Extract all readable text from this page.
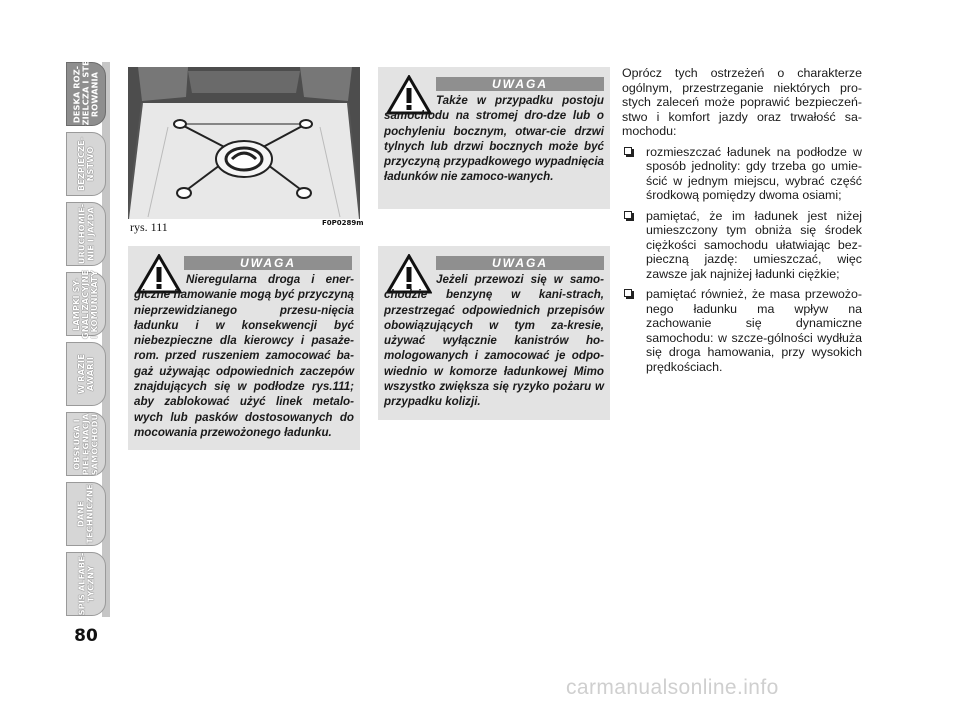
DESKA ROZ-
DZIELCZA I STE-
ROWANIA
BEZPIECZE-
ŃSTWO
URUCHOMIE-
NIE I JAZDA
LAMPKI SY-
GNALIZACYJNE
I KOMUNIKATY
W RAZIE
AWARII
OBSŁUGA I
PIELĘGNACJA
SAMOCHODU
DANE
TECHNICZNE
SPIS ALFABE-
TYCZNY
80
rys. 111	F0P0289m
UWAGA
Nieregularna droga i ener-giczne hamowanie mogą być przyczyną nieprzewidzianego przesu-nięcia ładunku i w konsekwencji być niebezpieczne dla kierowcy i pasaże-rom. przed ruszeniem zamocować ba-gaż używając odpowiednich zaczepów znajdujących się w podłodze rys.111; aby zablokować użyć linek metalo-wych lub pasków dostosowanych do mocowania przewożonego ładunku.
UWAGA
Także w przypadku postoju samochodu na stromej dro-dze lub o pochyleniu bocznym, otwar-cie drzwi tylnych lub drzwi bocznych może być przyczyną przypadkowego wypadnięcia ładunków nie zamoco-wanych.
UWAGA
Jeżeli przewozi się w samo-chodzie benzynę w kani-strach, przestrzegać odpowiednich przepisów obowiązujących w tym za-kresie, używać wyłącznie kanistrów ho-mologowanych i zamocować je odpo-wiednio w komorze ładunkowej Mimo wszystko zwiększa się ryzyko pożaru w przypadku kolizji.

Oprócz tych ostrzeżeń o charakterze ogólnym, przestrzeganie niektórych pro-stych zaleceń może poprawić bezpieczeń-stwo i komfort jazdy oraz trwałość sa-mochodu:

rozmieszczać ładunek na podłodze w sposób jednolity: gdy trzeba go umie-ścić w jednym miejscu, wybrać część środkową pomiędzy dwoma osiami;
pamiętać, że im ładunek jest niżej umieszczony tym obniża się środek ciężkości samochodu ułatwiając bez-pieczną jazdę: umieszczać, więc zawsze jak najniżej ładunki ciężkie;
pamiętać również, że masa przewożo-nego ładunku ma wpływ na zachowanie się dynamiczne samochodu: w szcze-gólności wydłuża się droga hamowania, przy wysokich prędkościach.
carmanualsonline.info
